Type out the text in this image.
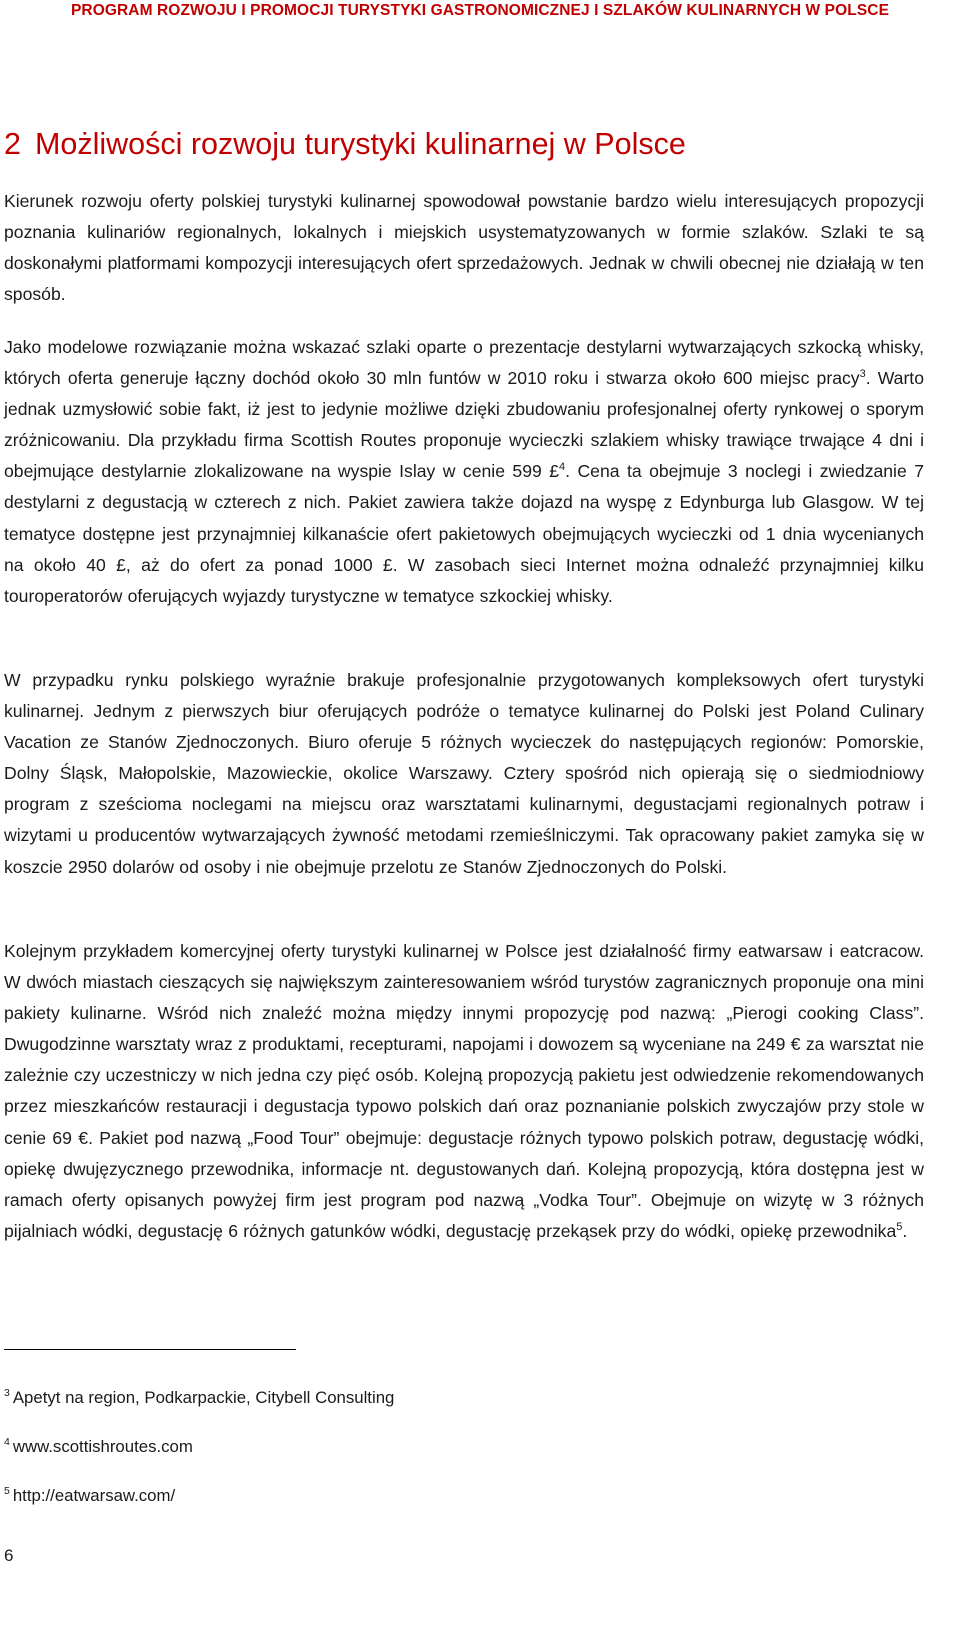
PROGRAM ROZWOJU I PROMOCJI TURYSTYKI GASTRONOMICZNEJ I SZLAKÓW KULINARNYCH W POLSCE
2 Możliwości rozwoju turystyki kulinarnej w Polsce

Kierunek rozwoju oferty polskiej turystyki kulinarnej spowodował powstanie bardzo wielu interesujących propozycji poznania kulinariów regionalnych, lokalnych i miejskich usystematyzowanych w formie szlaków. Szlaki te są doskonałymi platformami kompozycji interesujących ofert sprzedażowych. Jednak w chwili obecnej nie działają w ten sposób.

Jako modelowe rozwiązanie można wskazać szlaki oparte o prezentacje destylarni wytwarzających szkocką whisky, których oferta generuje łączny dochód około 30 mln funtów w 2010 roku i stwarza około 600 miejsc pracy$^3$. Warto jednak uzmysłowić sobie fakt, iż jest to jedynie możliwe dzięki zbudowaniu profesjonalnej oferty rynkowej o sporym zróżnicowaniu. Dla przykładu firma Scottish Routes proponuje wycieczki szlakiem whisky trawiące trwające 4 dni i obejmujące destylarnie zlokalizowane na wyspie Islay w cenie 599 £$^4$. Cena ta obejmuje 3 noclegi i zwiedzanie 7 destylarni z degustacją w czterech z nich. Pakiet zawiera także dojazd na wyspę z Edynburga lub Glasgow. W tej tematyce dostępne jest przynajmniej kilkanaście ofert pakietowych obejmujących wycieczki od 1 dnia wycenianych na około 40 £, aż do ofert za ponad 1000 £. W zasobach sieci Internet można odnaleźć przynajmniej kilku touroperatorów oferujących wyjazdy turystyczne w tematyce szkockiej whisky.

W przypadku rynku polskiego wyraźnie brakuje profesjonalnie przygotowanych kompleksowych ofert turystyki kulinarnej. Jednym z pierwszych biur oferujących podróże o tematyce kulinarnej do Polski jest Poland Culinary Vacation ze Stanów Zjednoczonych. Biuro oferuje 5 różnych wycieczek do następujących regionów: Pomorskie, Dolny Śląsk, Małopolskie, Mazowieckie, okolice Warszawy. Cztery spośród nich opierają się o siedmiodniowy program z sześcioma noclegami na miejscu oraz warsztatami kulinarnymi, degustacjami regionalnych potraw i wizytami u producentów wytwarzających żywność metodami rzemieślniczymi. Tak opracowany pakiet zamyka się w koszcie 2950 dolarów od osoby i nie obejmuje przelotu ze Stanów Zjednoczonych do Polski.

Kolejnym przykładem komercyjnej oferty turystyki kulinarnej w Polsce jest działalność firmy eatwarsaw i eatcracow. W dwóch miastach cieszących się największym zainteresowaniem wśród turystów zagranicznych proponuje ona mini pakiety kulinarne. Wśród nich znaleźć można między innymi propozycję pod nazwą: „Pierogi cooking Class”. Dwugodzinne warsztaty wraz z produktami, recepturami, napojami i dowozem są wyceniane na 249 € za warsztat nie zależnie czy uczestniczy w nich jedna czy pięć osób. Kolejną propozycją pakietu jest odwiedzenie rekomendowanych przez mieszkańców restauracji i degustacja typowo polskich dań oraz poznanianie polskich zwyczajów przy stole w cenie 69 €. Pakiet pod nazwą „Food Tour” obejmuje: degustacje różnych typowo polskich potraw, degustację wódki, opiekę dwujęzycznego przewodnika, informacje nt. degustowanych dań. Kolejną propozycją, która dostępna jest w ramach oferty opisanych powyżej firm jest program pod nazwą „Vodka Tour”. Obejmuje on wizytę w 3 różnych pijalniach wódki, degustację 6 różnych gatunków wódki, degustację przekąsek przy do wódki, opiekę przewodnika$^5$.

$^3$ Apetyt na region, Podkarpackie, Citybell Consulting

$^4$ www.scottishroutes.com

$^5$ http://eatwarsaw.com/

6
